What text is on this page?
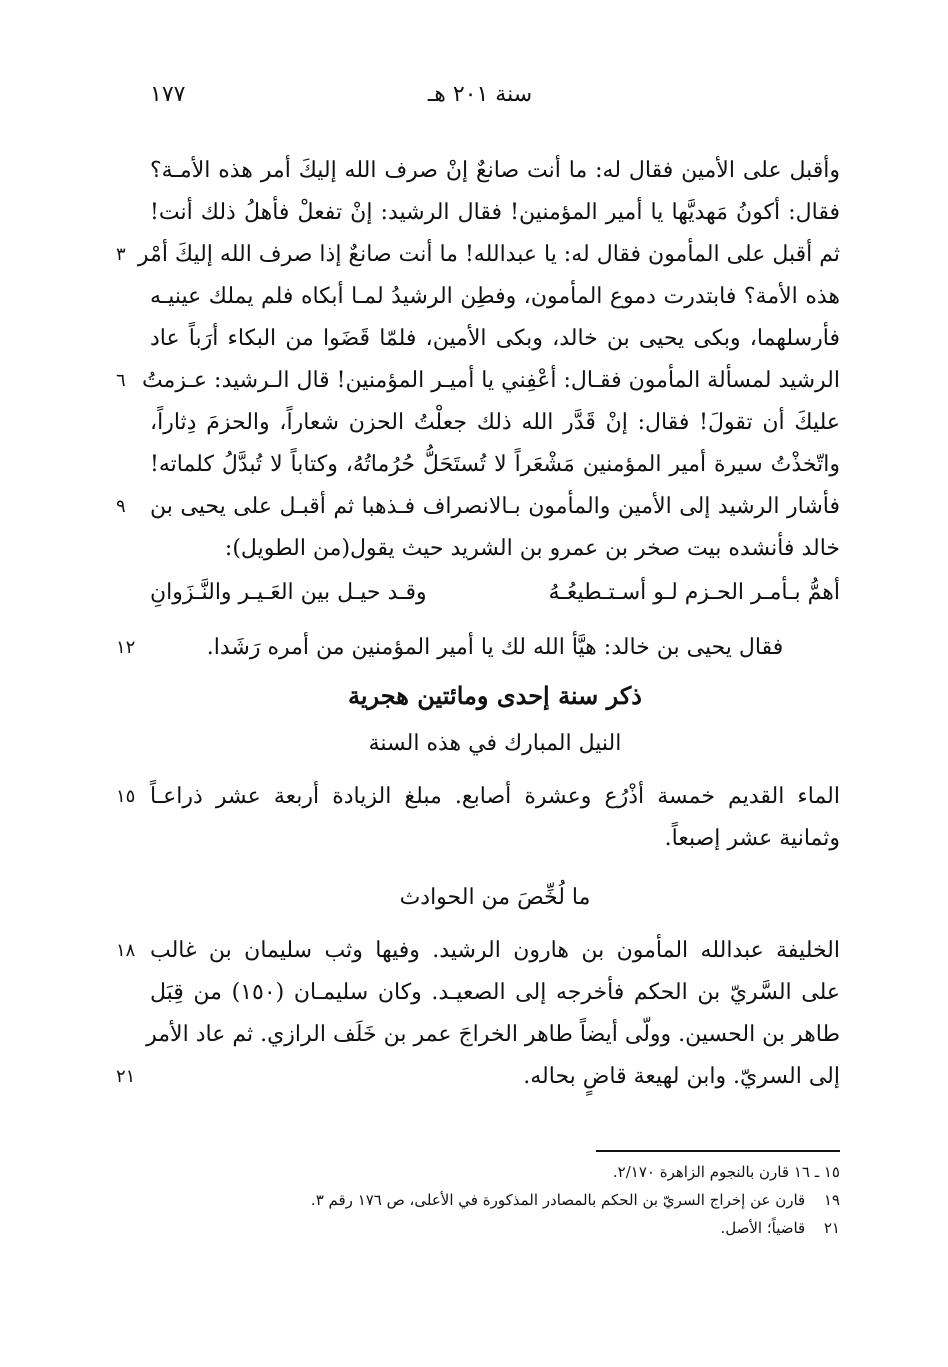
١٧٧	سنة ٢٠١ هـ
وأقبل على الأمين فقال له: ما أنت صانعٌ إنْ صرف الله إليكَ أمر هذه الأمـة؟
فقال: أكونُ مَهديَّها يا أمير المؤمنين! فقال الرشيد: إنْ تفعلْ فأهلُ ذلك أنت!
ثم أقبل على المأمون فقال له: يا عبدالله! ما أنت صانعٌ إذا صرف الله إليكَ أمْر
٣
هذه الأمة؟ فابتدرت دموع المأمون، وفطِن الرشيدُ لمـا أبكاه فلم يملك عينيـه
فأرسلهما، وبكى يحيى بن خالد، وبكى الأمين، فلمّا قَضَوا من البكاء أرَباً عاد
الرشيد لمسألة المأمون فقـال: أعْفِني يا أميـر المؤمنين! قال الـرشيد: عـزمتُ
٦
عليكَ أن تقولَ! فقال: إنْ قَدَّر الله ذلك جعلْتُ الحزن شعاراً، والحزمَ دِثاراً،
واتّخذْتُ سيرة أمير المؤمنين مَشْعَراً لا تُستَحَلُّ حُرُماتُهُ، وكتاباً لا تُبدَّلُ كلماته!
فأشار الرشيد إلى الأمين والمأمون بـالانصراف فـذهبا ثم أقبـل على يحيى بن
٩
خالد فأنشده بيت صخر بن عمرو بن الشريد حيث يقول(من الطويل):
أهمُّ بـأمـر الحـزم لـو أسـتـطيعُـهُ
وقـد حيـل بين العَـيـر والنَّـزَوانِ
فقال يحيى بن خالد: هيَّأ الله لك يا أمير المؤمنين من أمره رَشَدا.
١٢
ذكر سنة إحدى ومائتين هجرية
النيل المبارك في هذه السنة
الماء القديم خمسة أذْرُع وعشرة أصابع. مبلغ الزيادة أربعة عشر ذراعـاً
١٥
وثمانية عشر إصبعاً.
ما لُخِّصَ من الحوادث
الخليفة عبدالله المأمون بن هارون الرشيد. وفيها وثب سليمان بن غالب
١٨
على السَّريّ بن الحكم فأخرجه إلى الصعيـد. وكان سليمـان (١٥٠) من قِبَل
طاهر بن الحسين. وولّى أيضاً طاهر الخراجَ عمر بن خَلَف الرازي. ثم عاد الأمر
إلى السريّ. وابن لهيعة قاضٍ بحاله.
٢١
١٥ ـ ١٦ قارن بالنجوم الزاهرة ٢/١٧٠.
١٩ قارن عن إخراج السريّ بن الحكم بالمصادر المذكورة في الأعلى، ص ١٧٦ رقم ٣.
٢١ قاضياً؛ الأصل.
